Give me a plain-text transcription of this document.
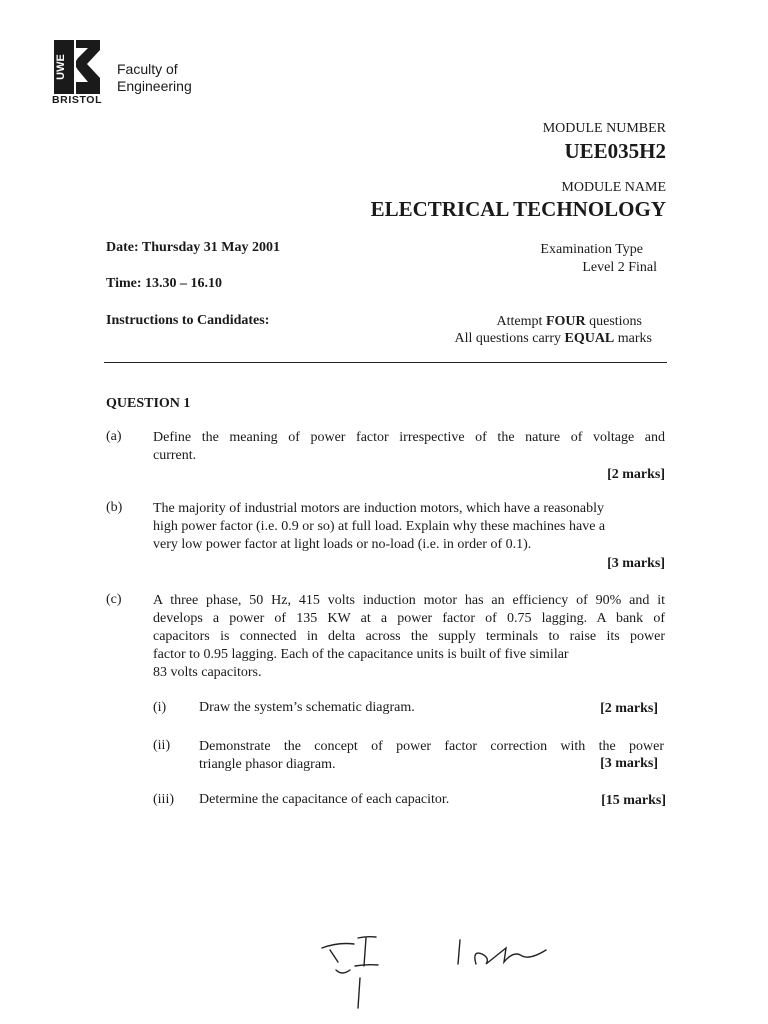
UWE
BRISTOL
Faculty of
Engineering
MODULE NUMBER
UEE035H2
MODULE NAME
ELECTRICAL TECHNOLOGY
Date: Thursday 31 May 2001
Time: 13.30 – 16.10
Instructions to Candidates:
Examination Type
Level 2 Final
Attempt FOUR questions
All questions carry EQUAL marks
QUESTION 1
(a) Define the meaning of power factor irrespective of the nature of voltage and
current.
[2 marks]
(b) The majority of industrial motors are induction motors, which have a reasonably
high power factor (i.e. 0.9 or so) at full load. Explain why these machines have a
very low power factor at light loads or no-load (i.e. in order of 0.1).
[3 marks]
(c) A three phase, 50 Hz, 415 volts induction motor has an efficiency of 90% and it
develops a power of 135 KW at a power factor of 0.75 lagging. A bank of
capacitors is connected in delta across the supply terminals to raise its power
factor to 0.95 lagging. Each of the capacitance units is built of five similar
83 volts capacitors.
(i) Draw the system’s schematic diagram.	[2 marks]
(ii) Demonstrate the concept of power factor correction with the power
triangle phasor diagram.	[3 marks]
(iii) Determine the capacitance of each capacitor.	[15 marks]
